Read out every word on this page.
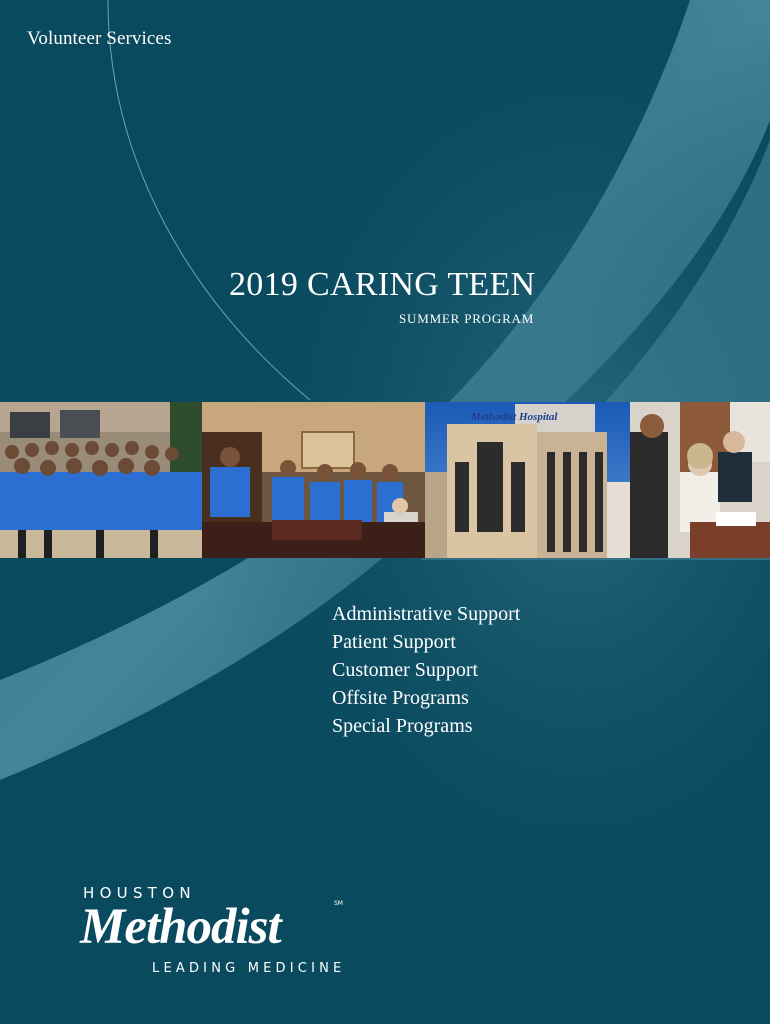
Volunteer Services
2019 CARING TEEN
SUMMER PROGRAM
Methodist Hospital
Administrative Support
Patient Support
Customer Support
Offsite Programs
Special Programs
HOUSTON
Methodist	SM
LEADING MEDICINE
